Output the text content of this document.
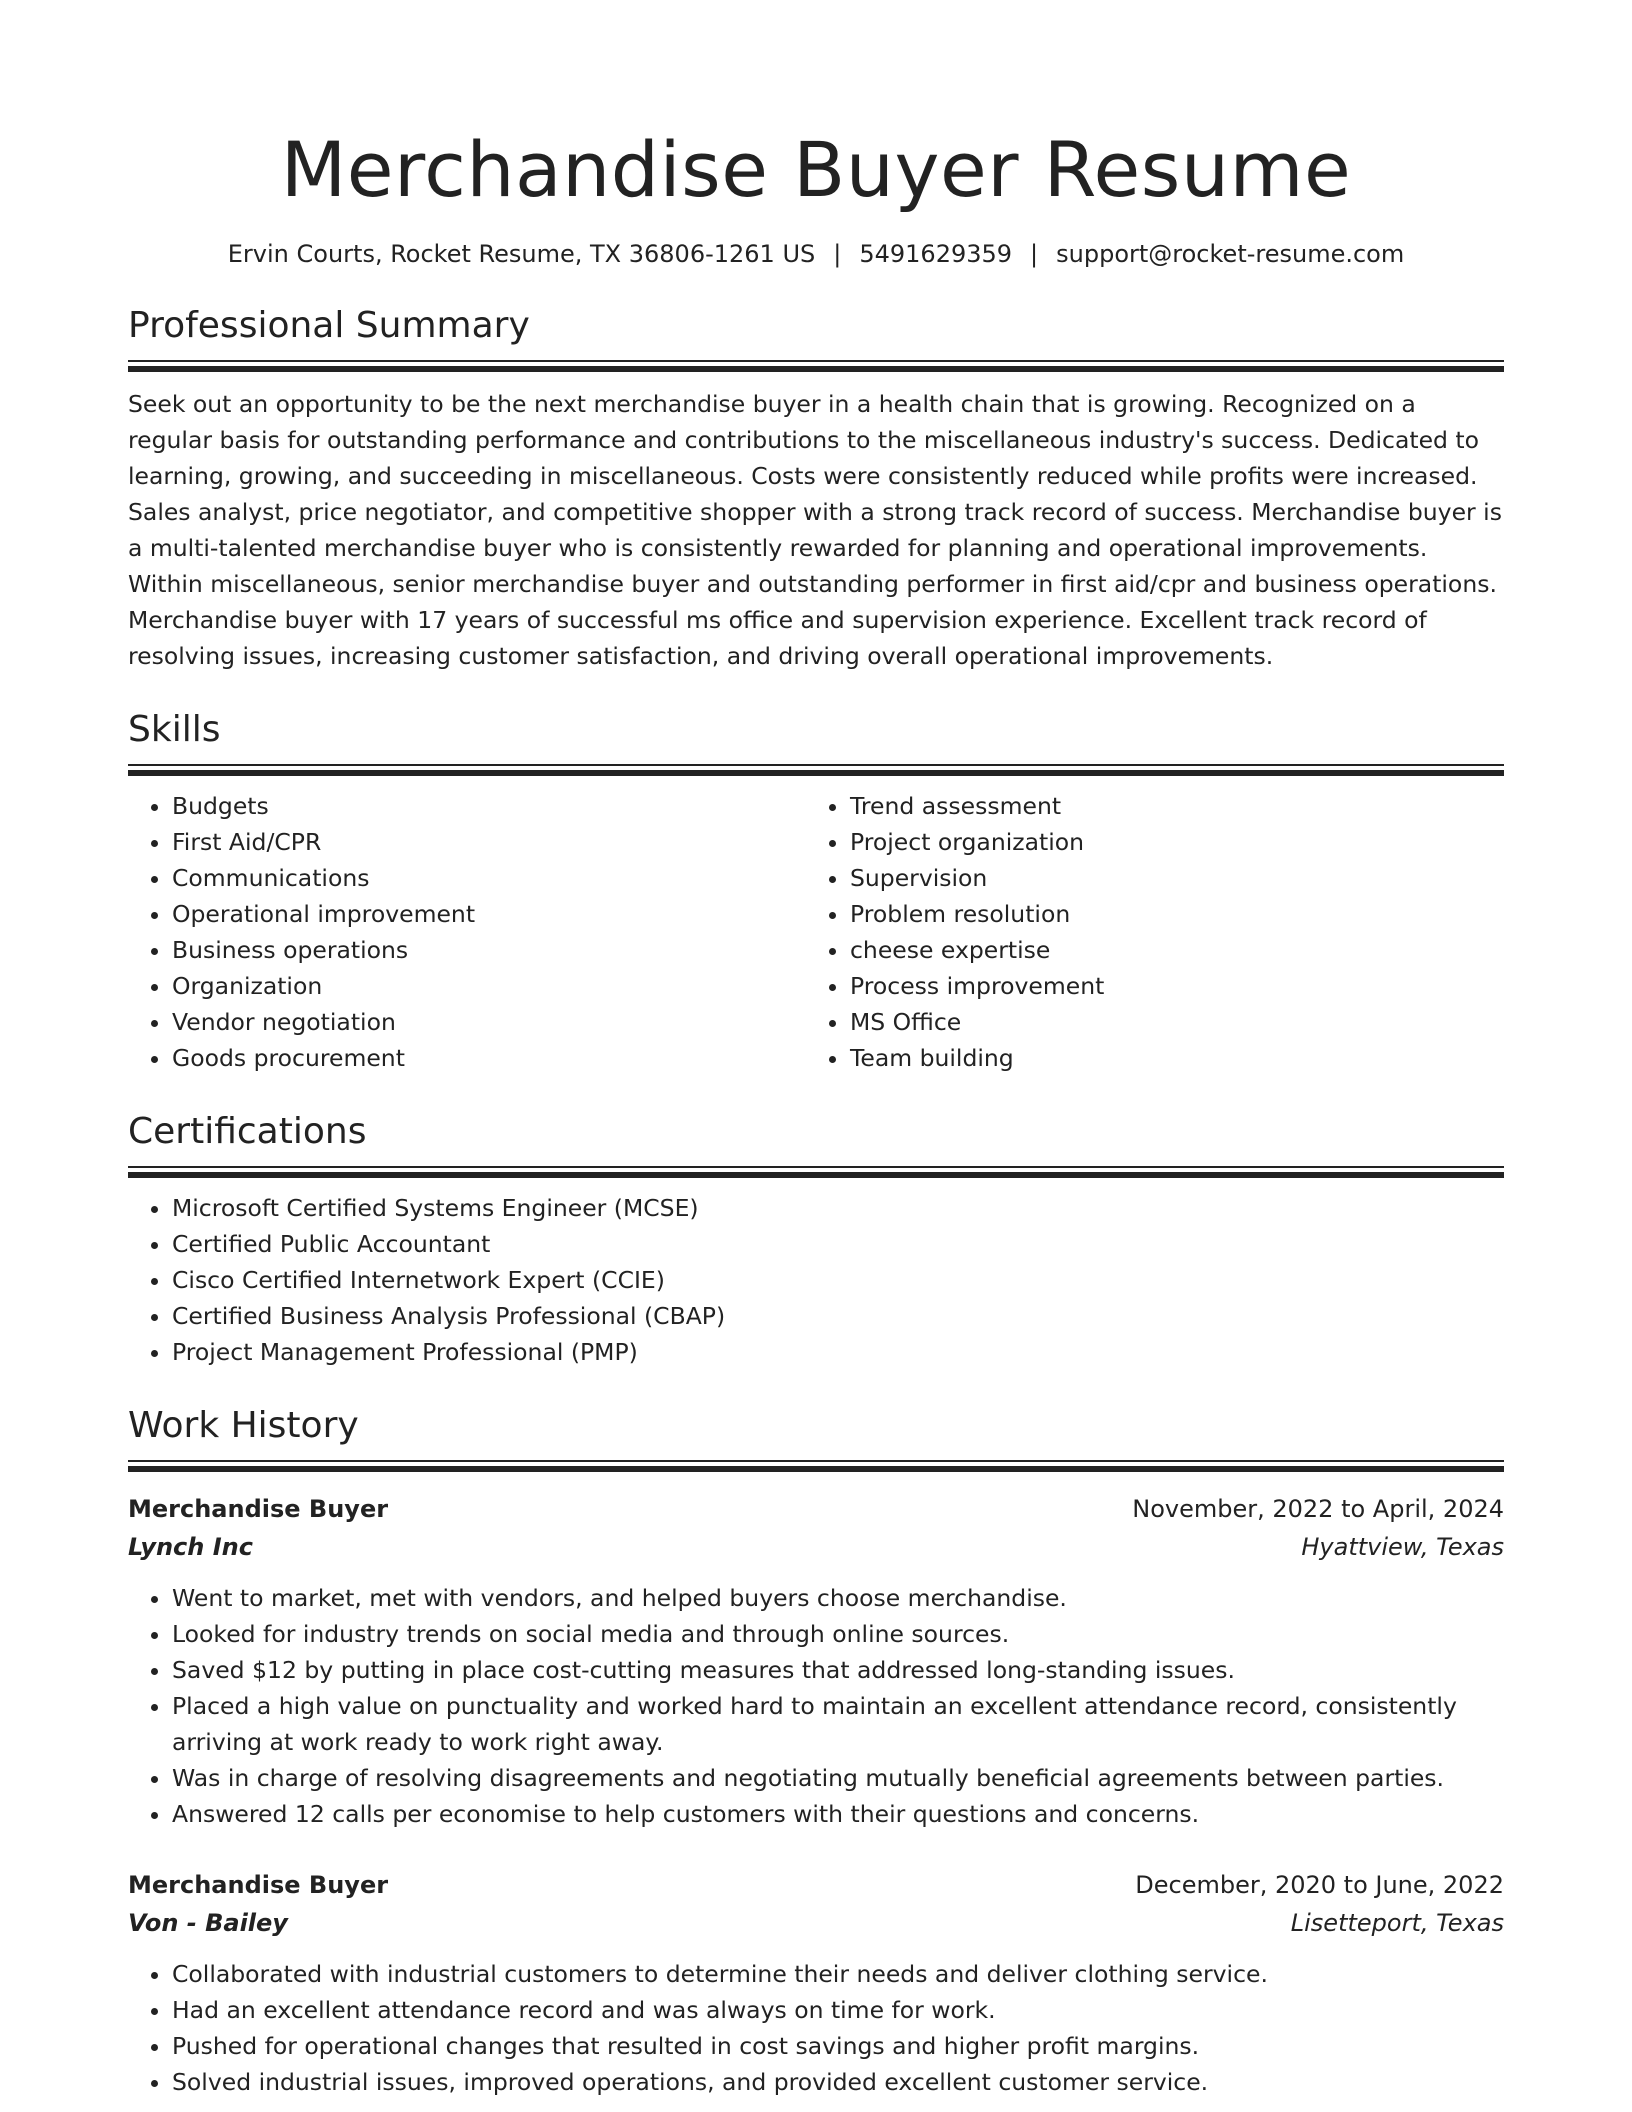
Merchandise Buyer Resume
Ervin Courts, Rocket Resume, TX 36806-1261 US | 5491629359 | support@rocket-resume.com
Professional Summary

Seek out an opportunity to be the next merchandise buyer in a health chain that is growing. Recognized on a regular basis for outstanding performance and contributions to the miscellaneous industry's success. Dedicated to learning, growing, and succeeding in miscellaneous. Costs were consistently reduced while profits were increased. Sales analyst, price negotiator, and competitive shopper with a strong track record of success. Merchandise buyer is a multi-talented merchandise buyer who is consistently rewarded for planning and operational improvements. Within miscellaneous, senior merchandise buyer and outstanding performer in first aid/cpr and business operations. Merchandise buyer with 17 years of successful ms office and supervision experience. Excellent track record of resolving issues, increasing customer satisfaction, and driving overall operational improvements.

Skills
• Budgets
• First Aid/CPR
• Communications
• Operational improvement
• Business operations
• Organization
• Vendor negotiation
• Goods procurement
• Trend assessment
• Project organization
• Supervision
• Problem resolution
• cheese expertise
• Process improvement
• MS Office
• Team building
Certifications
• Microsoft Certified Systems Engineer (MCSE)
• Certified Public Accountant
• Cisco Certified Internetwork Expert (CCIE)
• Certified Business Analysis Professional (CBAP)
• Project Management Professional (PMP)
Work History
Merchandise Buyer	November, 2022 to April, 2024
Lynch Inc	Hyattview, Texas
• Went to market, met with vendors, and helped buyers choose merchandise.
• Looked for industry trends on social media and through online sources.
• Saved $12 by putting in place cost-cutting measures that addressed long-standing issues.
• Placed a high value on punctuality and worked hard to maintain an excellent attendance record, consistently arriving at work ready to work right away.
• Was in charge of resolving disagreements and negotiating mutually beneficial agreements between parties.
• Answered 12 calls per economise to help customers with their questions and concerns.
Merchandise Buyer	December, 2020 to June, 2022
Von - Bailey	Lisetteport, Texas
• Collaborated with industrial customers to determine their needs and deliver clothing service.
• Had an excellent attendance record and was always on time for work.
• Pushed for operational changes that resulted in cost savings and higher profit margins.
• Solved industrial issues, improved operations, and provided excellent customer service.
